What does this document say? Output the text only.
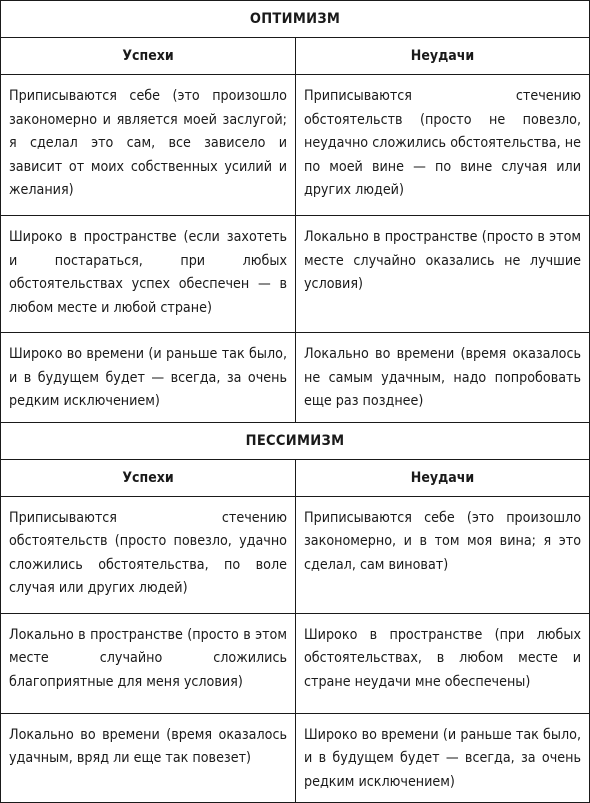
ОПТИМИЗМ	
Успехи	Неудачи
Приписываются себе (это произошло закономерно и является моей заслугой; я сделал это сам, все зависело и зависит от моих собственных усилий и желания)	Приписываются стечению обстоятельств (просто не повезло, неудачно сложились обстоятельства, не по моей вине — по вине случая или других людей)
Широко в пространстве (если захотеть и постараться, при любых обстоятельствах успех обеспечен — в любом месте и любой стране)	Локально в пространстве (просто в этом месте случайно оказались не лучшие условия)
Широко во времени (и раньше так было, и в будущем будет — всегда, за очень редким исключением)	Локально во времени (время оказалось не самым удачным, надо попробовать еще раз позднее)
ПЕССИМИЗМ	
Успехи	Неудачи
Приписываются стечению обстоятельств (просто повезло, удачно сложились обстоятельства, по воле случая или других людей)	Приписываются себе (это произошло закономерно, и в том моя вина; я это сделал, сам виноват)
Локально в пространстве (просто в этом месте случайно сложились благоприятные для меня условия)	Широко в пространстве (при любых обстоятельствах, в любом месте и стране неудачи мне обеспечены)
Локально во времени (время оказалось удачным, вряд ли еще так повезет)	Широко во времени (и раньше так было, и в будущем будет — всегда, за очень редким исключением)
